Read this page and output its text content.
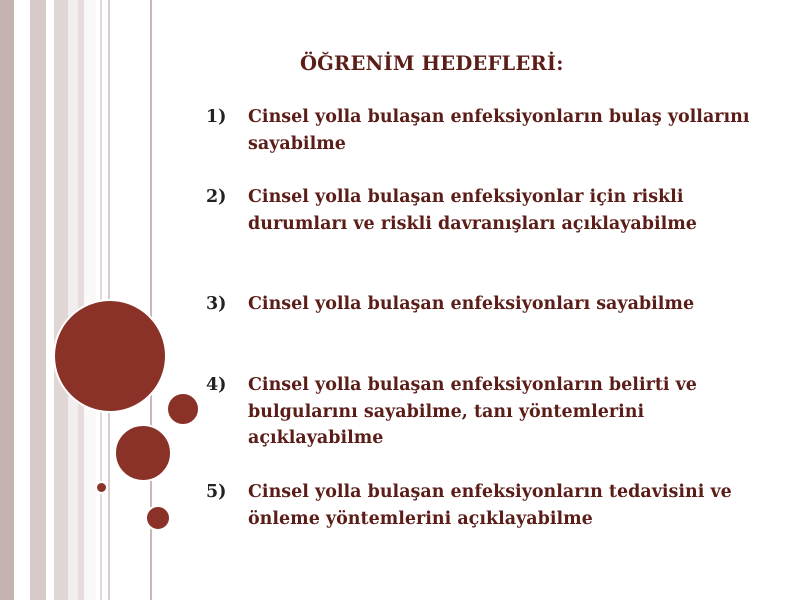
ÖĞRENİM HEDEFLERİ:
1) Cinsel yolla bulaşan enfeksiyonların bulaş yollarını sayabilme
2) Cinsel yolla bulaşan enfeksiyonlar için riskli durumları ve riskli davranışları açıklayabilme
3) Cinsel yolla bulaşan enfeksiyonları sayabilme
4) Cinsel yolla bulaşan enfeksiyonların belirti ve bulgularını sayabilme, tanı yöntemlerini açıklayabilme
5) Cinsel yolla bulaşan enfeksiyonların tedavisini ve önleme yöntemlerini açıklayabilme
